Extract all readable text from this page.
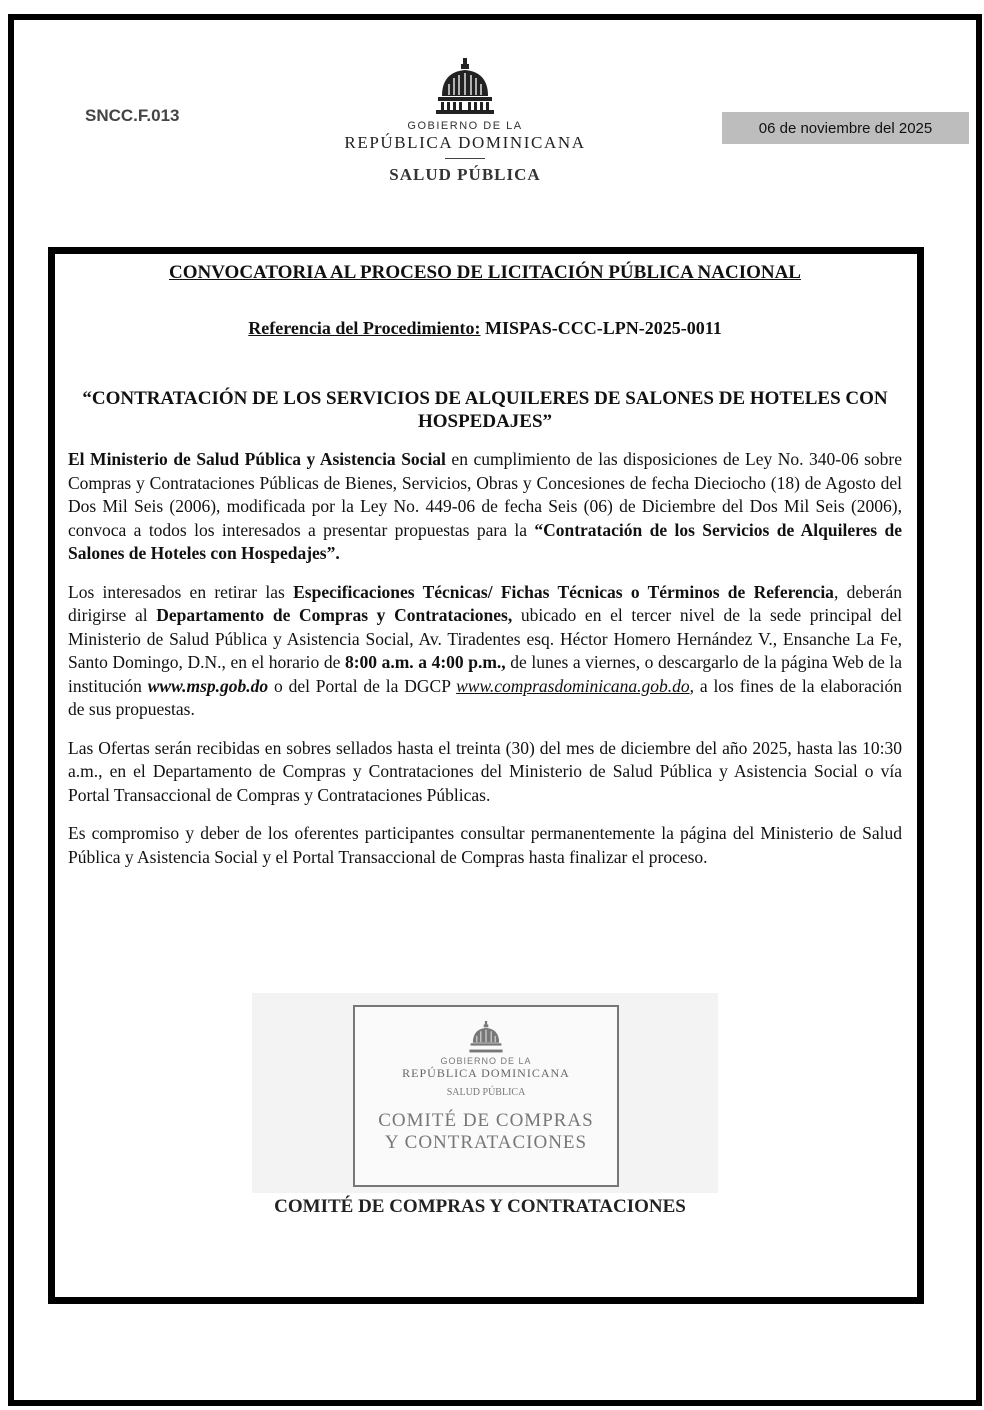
SNCC.F.013
06 de noviembre del 2025
GOBIERNO DE LA
REPÚBLICA DOMINICANA
SALUD PÚBLICA

CONVOCATORIA AL PROCESO DE LICITACIÓN PÚBLICA NACIONAL

Referencia del Procedimiento: MISPAS-CCC-LPN-2025-0011

“CONTRATACIÓN DE LOS SERVICIOS DE ALQUILERES DE SALONES DE HOTELES CON HOSPEDAJES”

El Ministerio de Salud Pública y Asistencia Social en cumplimiento de las disposiciones de Ley No. 340-06 sobre Compras y Contrataciones Públicas de Bienes, Servicios, Obras y Concesiones de fecha Dieciocho (18) de Agosto del Dos Mil Seis (2006), modificada por la Ley No. 449-06 de fecha Seis (06) de Diciembre del Dos Mil Seis (2006), convoca a todos los interesados a presentar propuestas para la “Contratación de los Servicios de Alquileres de Salones de Hoteles con Hospedajes”.

Los interesados en retirar las Especificaciones Técnicas/ Fichas Técnicas o Términos de Referencia, deberán dirigirse al Departamento de Compras y Contrataciones, ubicado en el tercer nivel de la sede principal del Ministerio de Salud Pública y Asistencia Social, Av. Tiradentes esq. Héctor Homero Hernández V., Ensanche La Fe, Santo Domingo, D.N., en el horario de 8:00 a.m. a 4:00 p.m., de lunes a viernes, o descargarlo de la página Web de la institución www.msp.gob.do o del Portal de la DGCP www.comprasdominicana.gob.do, a los fines de la elaboración de sus propuestas.

Las Ofertas serán recibidas en sobres sellados hasta el treinta (30) del mes de diciembre del año 2025, hasta las 10:30 a.m., en el Departamento de Compras y Contrataciones del Ministerio de Salud Pública y Asistencia Social o vía Portal Transaccional de Compras y Contrataciones Públicas.

Es compromiso y deber de los oferentes participantes consultar permanentemente la página del Ministerio de Salud Pública y Asistencia Social y el Portal Transaccional de Compras hasta finalizar el proceso.

GOBIERNO DE LA
REPÚBLICA DOMINICANA
SALUD PÚBLICA
COMITÉ DE COMPRAS
Y CONTRATACIONES
COMITÉ DE COMPRAS Y CONTRATACIONES
